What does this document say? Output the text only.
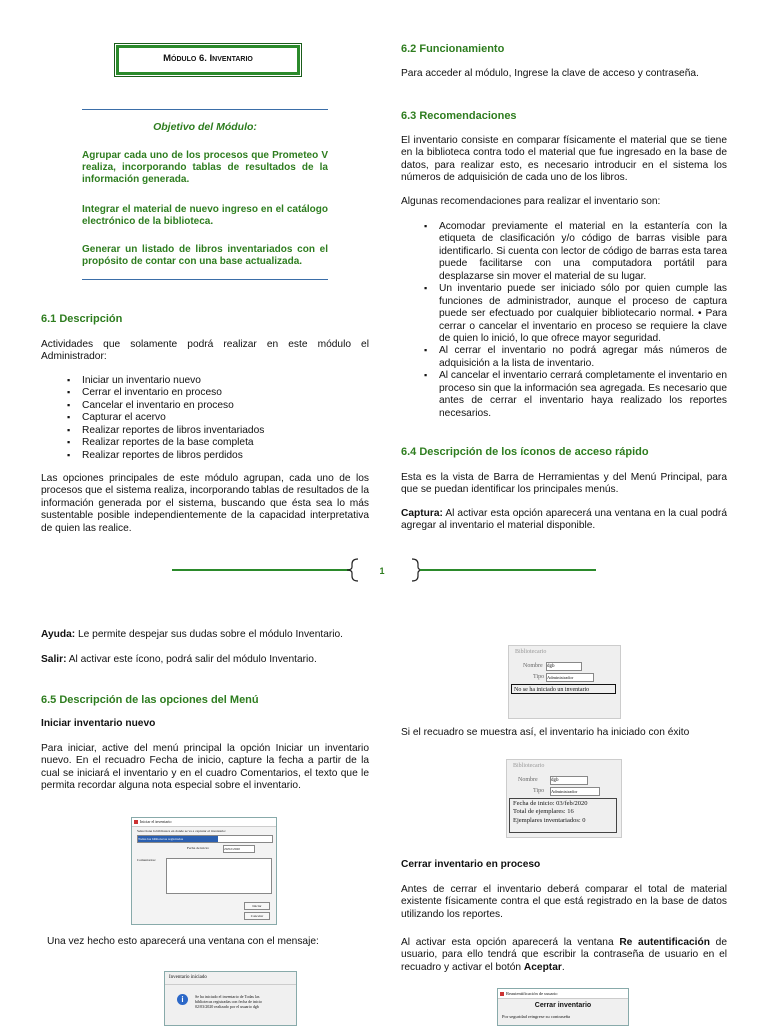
Módulo 6. Inventario
Objetivo del Módulo:
Agrupar cada uno de los procesos que Prometeo V realiza, incorporando tablas de resultados de la información generada.
Integrar el material de nuevo ingreso en el catálogo electrónico de la biblioteca.
Generar un listado de libros inventariados con el propósito de contar con una base actualizada.
6.1 Descripción
Actividades que solamente podrá realizar en este módulo el Administrador:
▪ Iniciar un inventario nuevo
▪ Cerrar el inventario en proceso
▪ Cancelar el inventario en proceso
▪ Capturar el acervo
▪ Realizar reportes de libros inventariados
▪ Realizar reportes de la base completa
▪ Realizar reportes de libros perdidos
Las opciones principales de este módulo agrupan, cada uno de los procesos que el sistema realiza, incorporando tablas de resultados de la información generada por el sistema, buscando que ésta sea lo más sustentable posible independientemente de la capacidad interpretativa de quien las realice.
6.2 Funcionamiento
Para acceder al módulo, Ingrese la clave de acceso y contraseña.
6.3 Recomendaciones
El inventario consiste en comparar físicamente el material que se tiene en la biblioteca contra todo el material que fue ingresado en la base de datos, para realizar esto, es necesario introducir en el sistema los números de adquisición de cada uno de los libros.
Algunas recomendaciones para realizar el inventario son:
▪ Acomodar previamente el material en la estantería con la etiqueta de clasificación y/o código de barras visible para identificarlo. Si cuenta con lector de código de barras esta tarea puede facilitarse con una computadora portátil para desplazarse sin mover el material de su lugar.
▪ Un inventario puede ser iniciado sólo por quien cumple las funciones de administrador, aunque el proceso de captura puede ser efectuado por cualquier bibliotecario normal. • Para cerrar o cancelar el inventario en proceso se requiere la clave de quien lo inició, lo que ofrece mayor seguridad.
▪ Al cerrar el inventario no podrá agregar más números de adquisición a la lista de inventario.
▪ Al cancelar el inventario cerrará completamente el inventario en proceso sin que la información sea agregada. Es necesario que antes de cerrar el inventario haya realizado los reportes necesarios.
6.4 Descripción de los íconos de acceso rápido
Esta es la vista de Barra de Herramientas y del Menú Principal, para que se puedan identificar los principales menús.
Captura: Al activar esta opción aparecerá una ventana en la cual podrá agregar al inventario el material disponible.
1
Ayuda: Le permite despejar sus dudas sobre el módulo Inventario.
Salir: Al activar este ícono, podrá salir del módulo Inventario.
6.5 Descripción de las opciones del Menú
Iniciar inventario nuevo
Para iniciar, active del menú principal la opción Iniciar un inventario nuevo. En el recuadro Fecha de inicio, capture la fecha a partir de la cual se iniciará el inventario y en el cuadro Comentarios, el texto que le permita recordar alguna nota especial sobre el inventario.
Iniciar el inventario
Seleccione la biblioteca en donde se va a capturar el inventario:
Todas las bibliotecas registradas
Fecha de inicio:	29/02/2020
Comentarios:
Iniciar
Cancelar
Una vez hecho esto aparecerá una ventana con el mensaje:
Inventario iniciado
i	Se ha iniciado el inventario de Todas las bibliotecas registradas con fecha de inicio 02/03/2020 realizado por el usuario dgb
Bibliotecario
Nombre dgb
Tipo Administrador
No se ha iniciado un inventario
Si el recuadro se muestra así, el inventario ha iniciado con éxito
Bibliotecario
Nombre	dgb
Tipo Administrador
Fecha de inicio: 03/feb/2020
Total de ejemplares: 16
Ejemplares inventariados: 0
Cerrar inventario en proceso
Antes de cerrar el inventario deberá comparar el total de material existente físicamente contra el que está registrado en la base de datos utilizando los reportes.
Al activar esta opción aparecerá la ventana Re autentificación de usuario, para ello tendrá que escribir la contraseña de usuario en el recuadro y activar el botón Aceptar.
Reautentificación de usuario
Cerrar inventario
Por seguridad reingrese su contraseña
